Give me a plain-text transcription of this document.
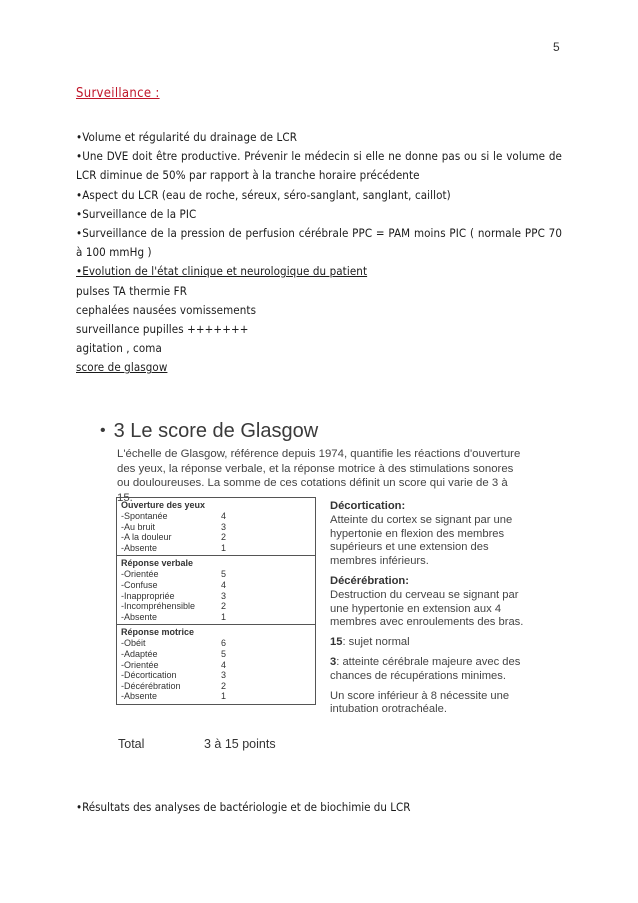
5
Surveillance :
•Volume et régularité du drainage de LCR
•Une DVE doit être productive. Prévenir le médecin si elle ne donne pas ou si le volume de LCR diminue de 50% par rapport à la tranche horaire précédente
•Aspect du LCR (eau de roche, séreux, séro-sanglant, sanglant, caillot)
•Surveillance de la PIC
•Surveillance de la pression de perfusion cérébrale PPC = PAM moins PIC ( normale PPC 70 à 100 mmHg )
•Evolution de l'état clinique et neurologique du patient
pulses TA thermie FR
cephalées nausées vomissements
surveillance pupilles +++++++
agitation , coma
score de glasgow
• 3 Le score de Glasgow
L'échelle de Glasgow, référence depuis 1974, quantifie les réactions d'ouverture des yeux, la réponse verbale, et la réponse motrice à des stimulations sonores ou douloureuses. La somme de ces cotations définit un score qui varie de 3 à 15.
Ouverture des yeux
-Spontanée	4
-Au bruit	3
-A la douleur	2
-Absente	1
Réponse verbale
-Orientée	5
-Confuse	4
-Inappropriée	3
-Incompréhensible	2
-Absente	1
Réponse motrice
-Obéit	6
-Adaptée	5
-Orientée	4
-Décortication	3
-Décérébration	2
-Absente	1
Total	3 à 15 points
Décortication:
Atteinte du cortex se signant par une hypertonie en flexion des membres supérieurs et une extension des membres inférieurs.
Décérébration:
Destruction du cerveau se signant par une hypertonie en extension aux 4 membres avec enroulements des bras.

15: sujet normal

3: atteinte cérébrale majeure avec des chances de récupérations minimes.

Un score inférieur à 8 nécessite une intubation orotrachéale.

•Résultats des analyses de bactériologie et de biochimie du LCR
